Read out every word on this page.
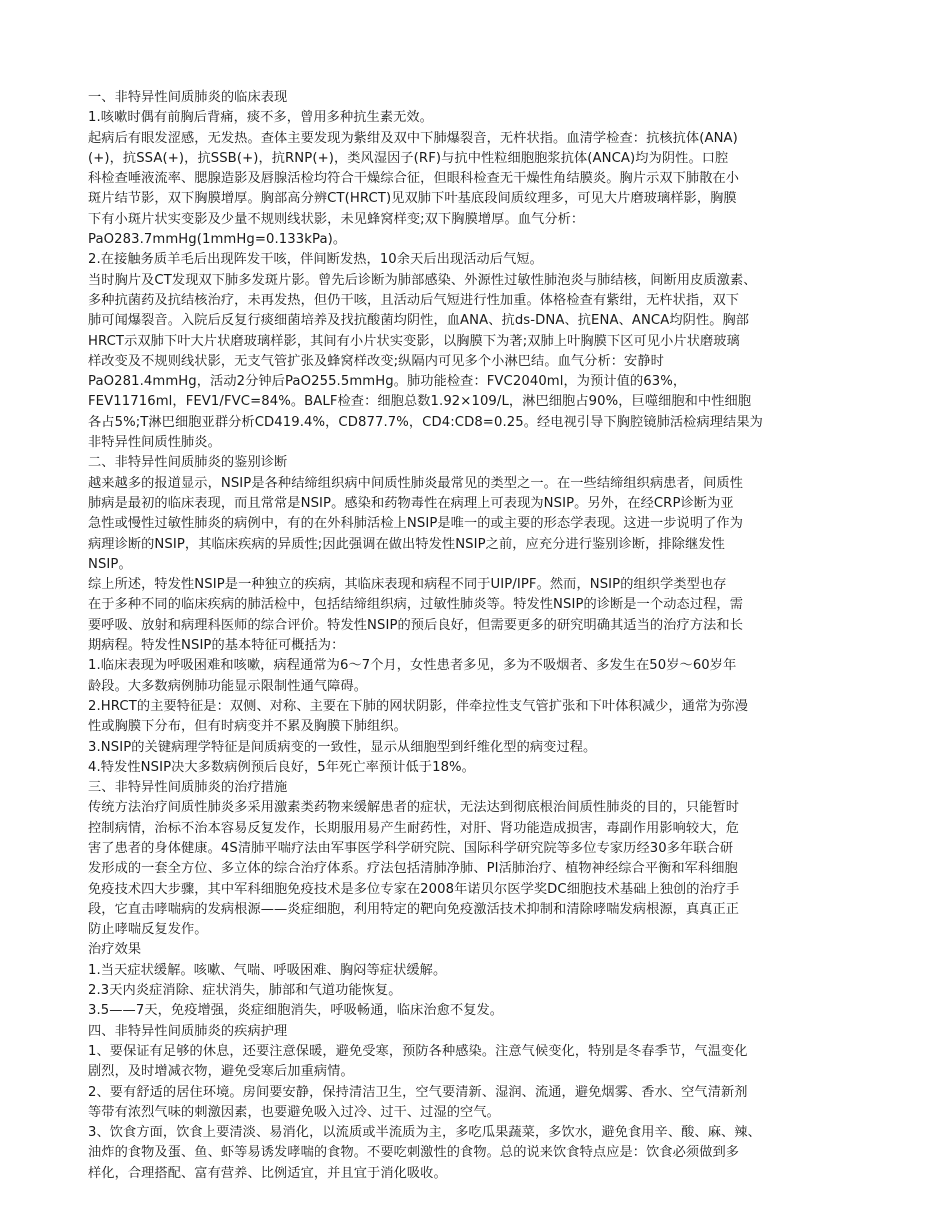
一、非特异性间质肺炎的临床表现
1.咳嗽时偶有前胸后背痛，痰不多，曾用多种抗生素无效。
起病后有眼发涩感，无发热。查体主要发现为紫绀及双中下肺爆裂音，无杵状指。血清学检查：抗核抗体(ANA)
(+)，抗SSA(+)，抗SSB(+)，抗RNP(+)，类风湿因子(RF)与抗中性粒细胞胞浆抗体(ANCA)均为阴性。口腔
科检查唾液流率、腮腺造影及唇腺活检均符合干燥综合征，但眼科检查无干燥性角结膜炎。胸片示双下肺散在小
斑片结节影，双下胸膜增厚。胸部高分辨CT(HRCT)见双肺下叶基底段间质纹理多，可见大片磨玻璃样影，胸膜
下有小斑片状实变影及少量不规则线状影，未见蜂窝样变;双下胸膜增厚。血气分析：
PaO283.7mmHg(1mmHg=0.133kPa)。
2.在接触务质羊毛后出现阵发干咳，伴间断发热，10余天后出现活动后气短。
当时胸片及CT发现双下肺多发斑片影。曾先后诊断为肺部感染、外源性过敏性肺泡炎与肺结核，间断用皮质激素、
多种抗菌药及抗结核治疗，未再发热，但仍干咳，且活动后气短进行性加重。体格检查有紫绀，无杵状指，双下
肺可闻爆裂音。入院后反复行痰细菌培养及找抗酸菌均阴性，血ANA、抗ds-DNA、抗ENA、ANCA均阴性。胸部
HRCT示双肺下叶大片状磨玻璃样影，其间有小片状实变影，以胸膜下为著;双肺上叶胸膜下区可见小片状磨玻璃
样改变及不规则线状影，无支气管扩张及蜂窝样改变;纵隔内可见多个小淋巴结。血气分析：安静时
PaO281.4mmHg，活动2分钟后PaO255.5mmHg。肺功能检查：FVC2040ml，为预计值的63%，
FEV11716ml，FEV1/FVC=84%。BALF检查：细胞总数1.92×109/L，淋巴细胞占90%，巨噬细胞和中性细胞
各占5%;T淋巴细胞亚群分析CD419.4%，CD877.7%，CD4:CD8=0.25。经电视引导下胸腔镜肺活检病理结果为
非特异性间质性肺炎。
二、非特异性间质肺炎的鉴别诊断
越来越多的报道显示，NSIP是各种结缔组织病中间质性肺炎最常见的类型之一。在一些结缔组织病患者，间质性
肺病是最初的临床表现，而且常常是NSIP。感染和药物毒性在病理上可表现为NSIP。另外，在经CRP诊断为亚
急性或慢性过敏性肺炎的病例中，有的在外科肺活检上NSIP是唯一的或主要的形态学表现。这进一步说明了作为
病理诊断的NSIP，其临床疾病的异质性;因此强调在做出特发性NSIP之前，应充分进行鉴别诊断，排除继发性
NSIP。
综上所述，特发性NSIP是一种独立的疾病，其临床表现和病程不同于UIP/IPF。然而，NSIP的组织学类型也存
在于多种不同的临床疾病的肺活检中，包括结缔组织病，过敏性肺炎等。特发性NSIP的诊断是一个动态过程，需
要呼吸、放射和病理科医师的综合评价。特发性NSIP的预后良好，但需要更多的研究明确其适当的治疗方法和长
期病程。特发性NSIP的基本特征可概括为：
1.临床表现为呼吸困难和咳嗽，病程通常为6～7个月，女性患者多见，多为不吸烟者、多发生在50岁～60岁年
龄段。大多数病例肺功能显示限制性通气障碍。
2.HRCT的主要特征是：双侧、对称、主要在下肺的网状阴影，伴牵拉性支气管扩张和下叶体积减少，通常为弥漫
性或胸膜下分布，但有时病变并不累及胸膜下肺组织。
3.NSIP的关键病理学特征是间质病变的一致性，显示从细胞型到纤维化型的病变过程。
4.特发性NSIP决大多数病例预后良好，5年死亡率预计低于18%。
三、非特异性间质肺炎的治疗措施
传统方法治疗间质性肺炎多采用激素类药物来缓解患者的症状，无法达到彻底根治间质性肺炎的目的，只能暂时
控制病情，治标不治本容易反复发作，长期服用易产生耐药性，对肝、肾功能造成损害，毒副作用影响较大，危
害了患者的身体健康。4S清肺平喘疗法由军事医学科学研究院、国际科学研究院等多位专家历经30多年联合研
发形成的一套全方位、多立体的综合治疗体系。疗法包括清肺净肺、PI活肺治疗、植物神经综合平衡和军科细胞
免疫技术四大步骤，其中军科细胞免疫技术是多位专家在2008年诺贝尔医学奖DC细胞技术基础上独创的治疗手
段，它直击哮喘病的发病根源——炎症细胞，利用特定的靶向免疫激活技术抑制和清除哮喘发病根源，真真正正
防止哮喘反复发作。
治疗效果
1.当天症状缓解。咳嗽、气喘、呼吸困难、胸闷等症状缓解。
2.3天内炎症消除、症状消失，肺部和气道功能恢复。
3.5——7天，免疫增强，炎症细胞消失，呼吸畅通，临床治愈不复发。
四、非特异性间质肺炎的疾病护理
1、要保证有足够的休息，还要注意保暖，避免受寒，预防各种感染。注意气候变化，特别是冬春季节，气温变化
剧烈，及时增减衣物，避免受寒后加重病情。
2、要有舒适的居住环境。房间要安静，保持清洁卫生，空气要清新、湿润、流通，避免烟雾、香水、空气清新剂
等带有浓烈气味的刺激因素，也要避免吸入过冷、过干、过湿的空气。
3、饮食方面，饮食上要清淡、易消化，以流质或半流质为主，多吃瓜果蔬菜，多饮水，避免食用辛、酸、麻、辣、
油炸的食物及蛋、鱼、虾等易诱发哮喘的食物。不要吃刺激性的食物。总的说来饮食特点应是：饮食必须做到多
样化，合理搭配、富有营养、比例适宜，并且宜于消化吸收。
